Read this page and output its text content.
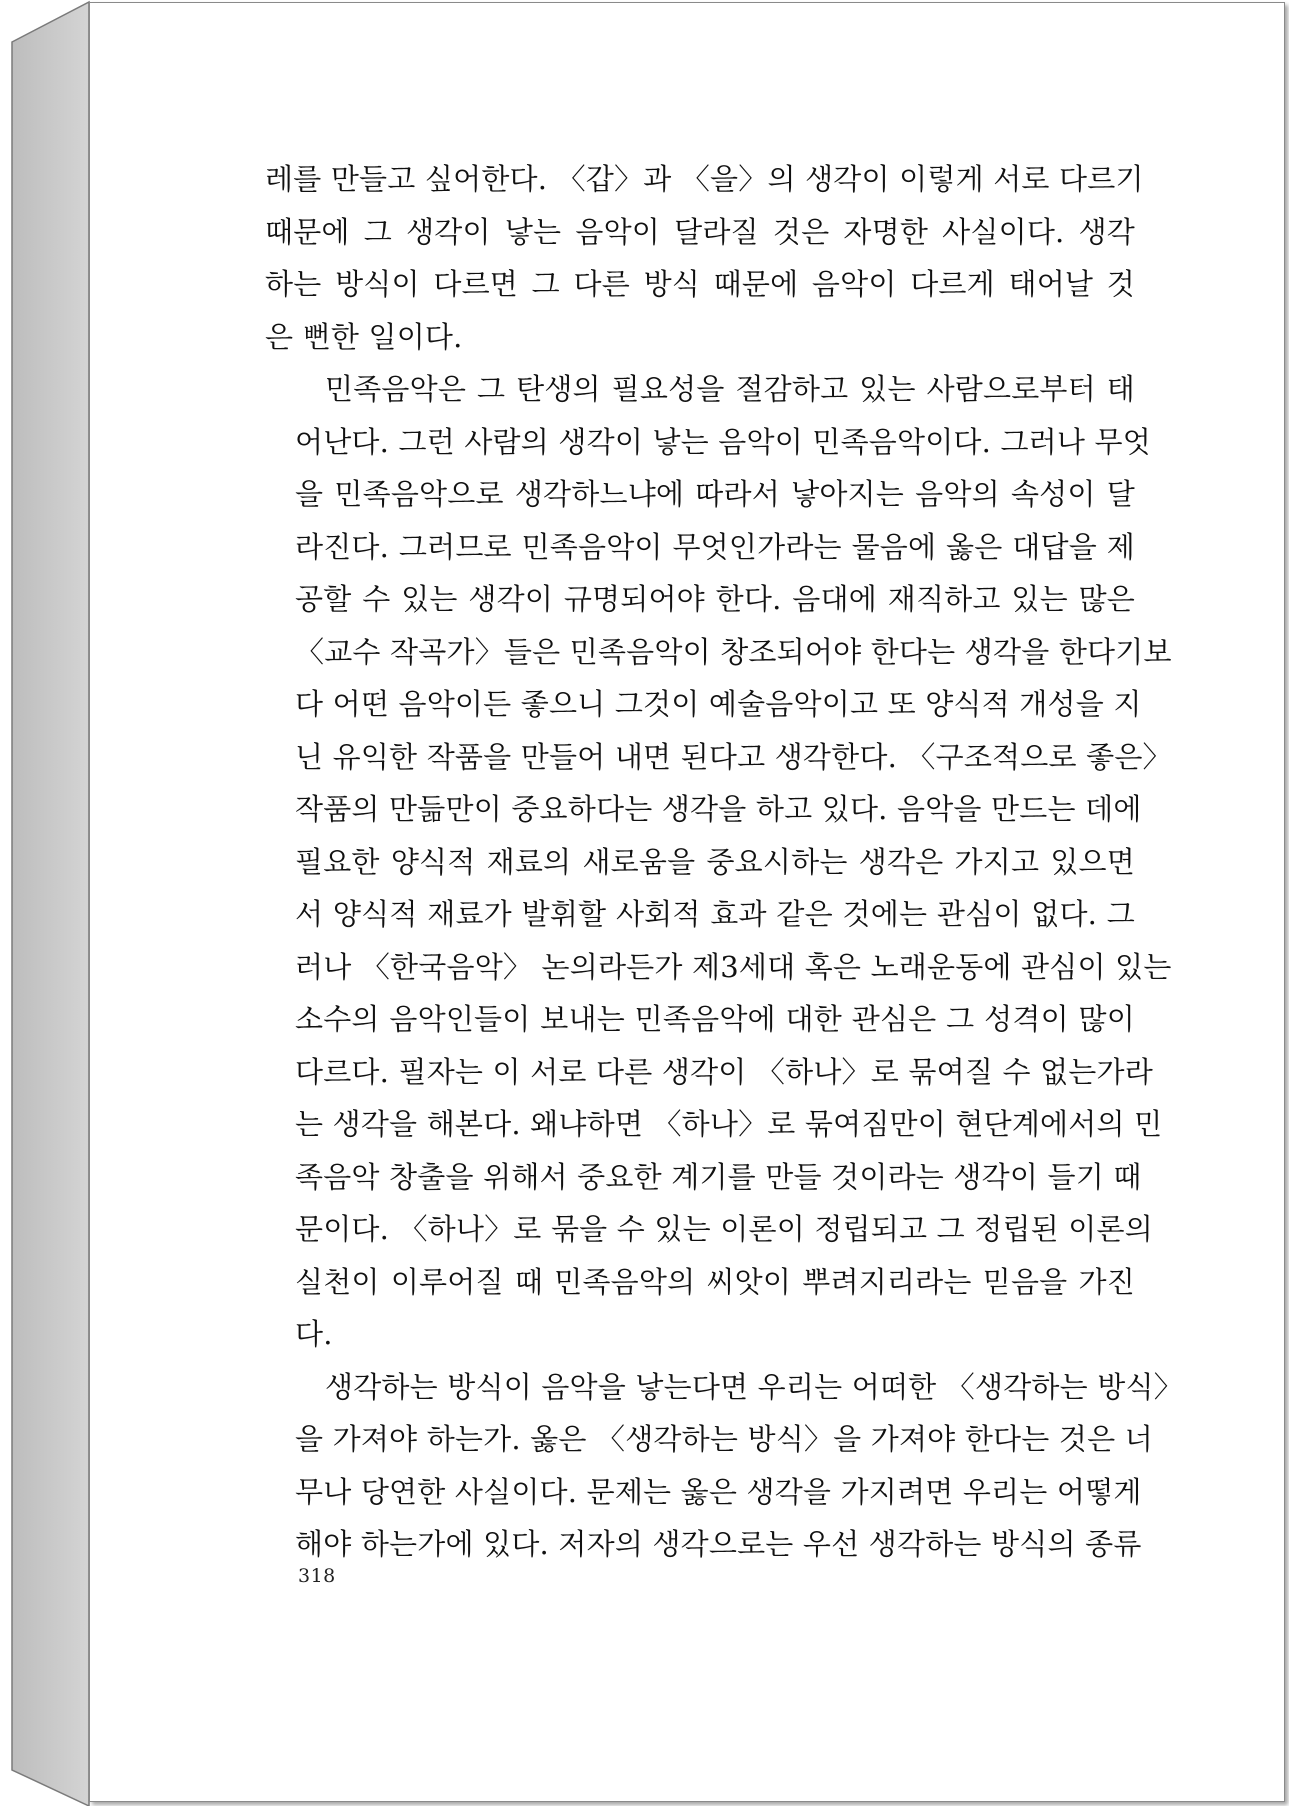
레를 만들고 싶어한다. 〈갑〉과 〈을〉의 생각이 이렇게 서로 다르기
때문에 그 생각이 낳는 음악이 달라질 것은 자명한 사실이다. 생각
하는 방식이 다르면 그 다른 방식 때문에 음악이 다르게 태어날 것
은 뻔한 일이다.
민족음악은 그 탄생의 필요성을 절감하고 있는 사람으로부터 태
어난다. 그런 사람의 생각이 낳는 음악이 민족음악이다. 그러나 무엇
을 민족음악으로 생각하느냐에 따라서 낳아지는 음악의 속성이 달
라진다. 그러므로 민족음악이 무엇인가라는 물음에 옳은 대답을 제
공할 수 있는 생각이 규명되어야 한다. 음대에 재직하고 있는 많은
〈교수 작곡가〉들은 민족음악이 창조되어야 한다는 생각을 한다기보
다 어떤 음악이든 좋으니 그것이 예술음악이고 또 양식적 개성을 지
닌 유익한 작품을 만들어 내면 된다고 생각한다. 〈구조적으로 좋은〉
작품의 만듦만이 중요하다는 생각을 하고 있다. 음악을 만드는 데에
필요한 양식적 재료의 새로움을 중요시하는 생각은 가지고 있으면
서 양식적 재료가 발휘할 사회적 효과 같은 것에는 관심이 없다. 그
러나 〈한국음악〉 논의라든가 제3세대 혹은 노래운동에 관심이 있는
소수의 음악인들이 보내는 민족음악에 대한 관심은 그 성격이 많이
다르다. 필자는 이 서로 다른 생각이 〈하나〉로 묶여질 수 없는가라
는 생각을 해본다. 왜냐하면 〈하나〉로 묶여짐만이 현단계에서의 민
족음악 창출을 위해서 중요한 계기를 만들 것이라는 생각이 들기 때
문이다. 〈하나〉로 묶을 수 있는 이론이 정립되고 그 정립된 이론의
실천이 이루어질 때 민족음악의 씨앗이 뿌려지리라는 믿음을 가진
다.
생각하는 방식이 음악을 낳는다면 우리는 어떠한 〈생각하는 방식〉
을 가져야 하는가. 옳은 〈생각하는 방식〉을 가져야 한다는 것은 너
무나 당연한 사실이다. 문제는 옳은 생각을 가지려면 우리는 어떻게
해야 하는가에 있다. 저자의 생각으로는 우선 생각하는 방식의 종류
318
